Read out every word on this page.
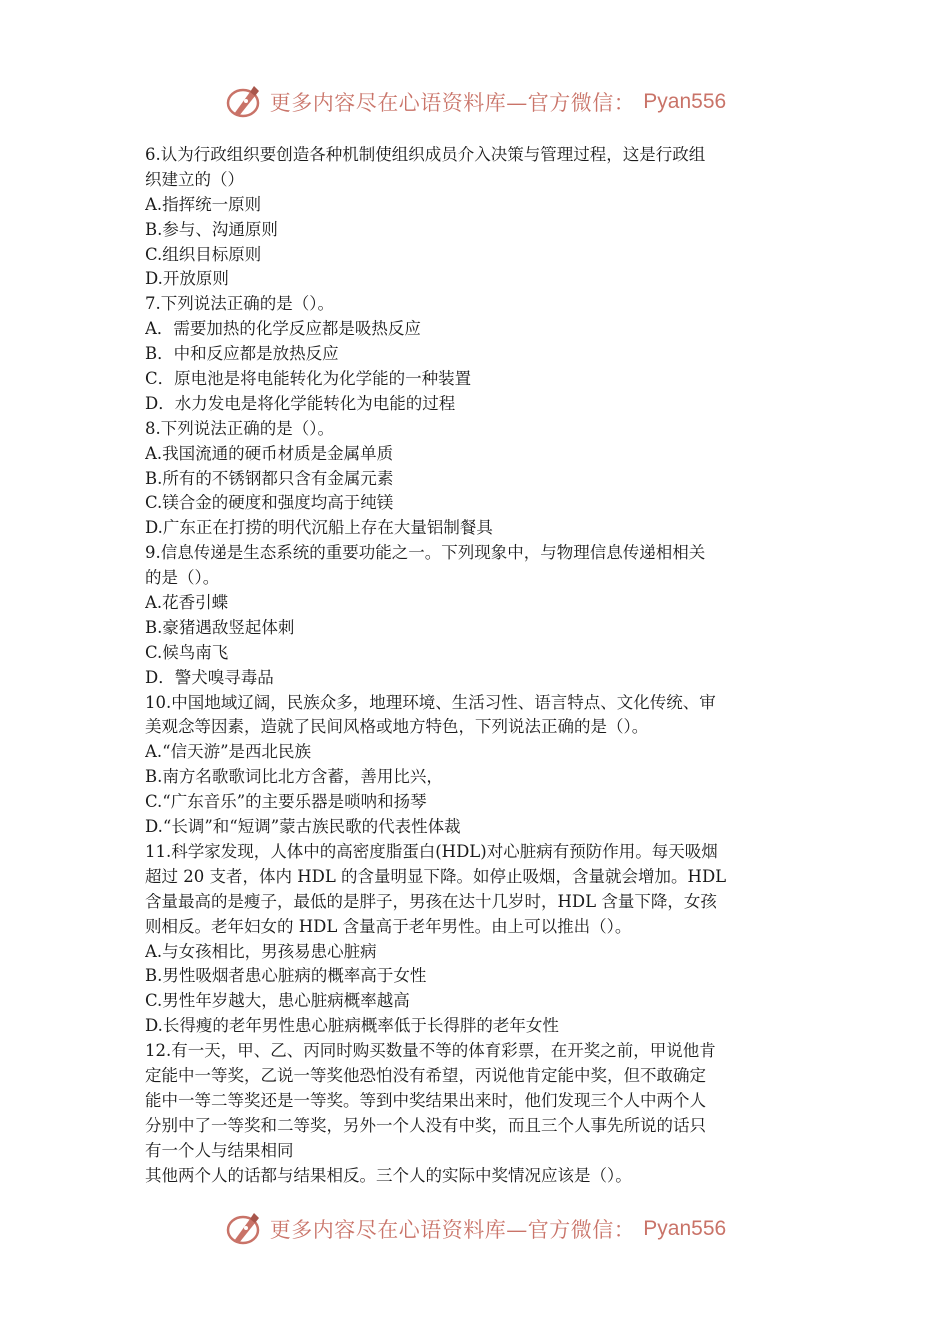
更多内容尽在心语资料库—官方微信： Pyan556
6.认为行政组织要创造各种机制使组织成员介入决策与管理过程，这是行政组
织建立的（）
A.指挥统一原则
B.参与、沟通原则
C.组织目标原则
D.开放原则
7.下列说法正确的是（）。
A．需要加热的化学反应都是吸热反应
B．中和反应都是放热反应
C．原电池是将电能转化为化学能的一种装置
D．水力发电是将化学能转化为电能的过程
8.下列说法正确的是（）。
A.我国流通的硬币材质是金属单质
B.所有的不锈钢都只含有金属元素
C.镁合金的硬度和强度均高于纯镁
D.广东正在打捞的明代沉船上存在大量铝制餐具
9.信息传递是生态系统的重要功能之一。下列现象中，与物理信息传递相相关
的是（）。
A.花香引蝶
B.豪猪遇敌竖起体刺
C.候鸟南飞
D．警犬嗅寻毒品
10.中国地域辽阔，民族众多，地理环境、生活习性、语言特点、文化传统、审
美观念等因素，造就了民间风格或地方特色，下列说法正确的是（）。
A.“信天游”是西北民族
B.南方名歌歌词比北方含蓄，善用比兴，
C.“广东音乐”的主要乐器是唢呐和扬琴
D.“长调”和“短调”蒙古族民歌的代表性体裁
11.科学家发现，人体中的高密度脂蛋白(HDL)对心脏病有预防作用。每天吸烟
超过 20 支者，体内 HDL 的含量明显下降。如停止吸烟，含量就会增加。HDL
含量最高的是瘦子，最低的是胖子，男孩在达十几岁时，HDL 含量下降，女孩
则相反。老年妇女的 HDL 含量高于老年男性。由上可以推出（）。
A.与女孩相比，男孩易患心脏病
B.男性吸烟者患心脏病的概率高于女性
C.男性年岁越大，患心脏病概率越高
D.长得瘦的老年男性患心脏病概率低于长得胖的老年女性
12.有一天，甲、乙、丙同时购买数量不等的体育彩票，在开奖之前，甲说他肯
定能中一等奖，乙说一等奖他恐怕没有希望，丙说他肯定能中奖，但不敢确定
能中一等二等奖还是一等奖。等到中奖结果出来时，他们发现三个人中两个人
分别中了一等奖和二等奖，另外一个人没有中奖，而且三个人事先所说的话只
有一个人与结果相同
其他两个人的话都与结果相反。三个人的实际中奖情况应该是（）。
更多内容尽在心语资料库—官方微信： Pyan556
